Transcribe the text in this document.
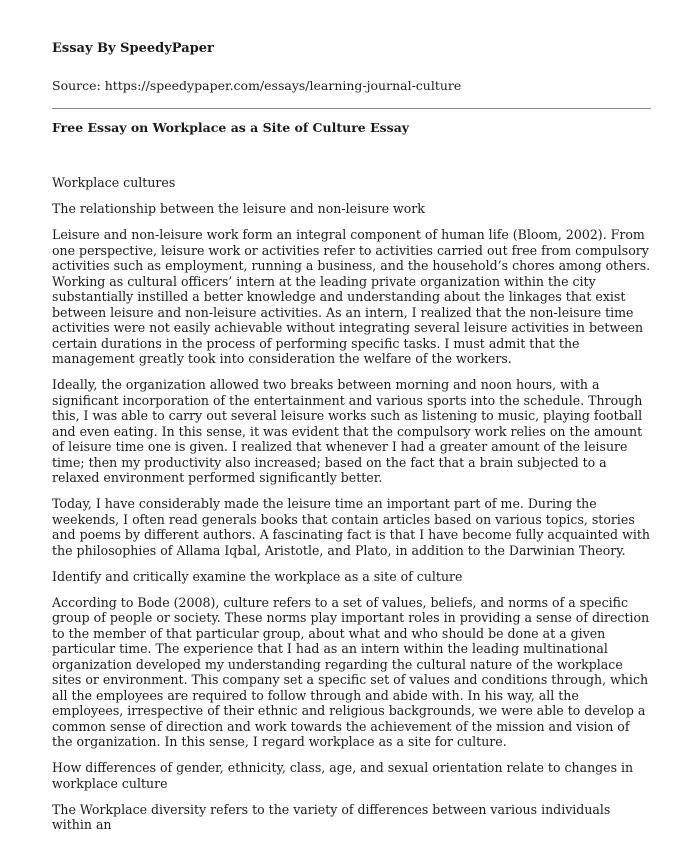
Essay By SpeedyPaper

Source: https://speedypaper.com/essays/learning-journal-culture

Free Essay on Workplace as a Site of Culture Essay

Workplace cultures

The relationship between the leisure and non-leisure work

Leisure and non-leisure work form an integral component of human life (Bloom, 2002). From one perspective, leisure work or activities refer to activities carried out free from compulsory activities such as employment, running a business, and the household’s chores among others. Working as cultural officers’ intern at the leading private organization within the city substantially instilled a better knowledge and understanding about the linkages that exist between leisure and non-leisure activities. As an intern, I realized that the non-leisure time activities were not easily achievable without integrating several leisure activities in between certain durations in the process of performing specific tasks. I must admit that the management greatly took into consideration the welfare of the workers.

Ideally, the organization allowed two breaks between morning and noon hours, with a significant incorporation of the entertainment and various sports into the schedule. Through this, I was able to carry out several leisure works such as listening to music, playing football and even eating. In this sense, it was evident that the compulsory work relies on the amount of leisure time one is given. I realized that whenever I had a greater amount of the leisure time; then my productivity also increased; based on the fact that a brain subjected to a relaxed environment performed significantly better.

Today, I have considerably made the leisure time an important part of me. During the weekends, I often read generals books that contain articles based on various topics, stories and poems by different authors. A fascinating fact is that I have become fully acquainted with the philosophies of Allama Iqbal, Aristotle, and Plato, in addition to the Darwinian Theory.

Identify and critically examine the workplace as a site of culture

According to Bode (2008), culture refers to a set of values, beliefs, and norms of a specific group of people or society. These norms play important roles in providing a sense of direction to the member of that particular group, about what and who should be done at a given particular time. The experience that I had as an intern within the leading multinational organization developed my understanding regarding the cultural nature of the workplace sites or environment. This company set a specific set of values and conditions through, which all the employees are required to follow through and abide with. In his way, all the employees, irrespective of their ethnic and religious backgrounds, we were able to develop a common sense of direction and work towards the achievement of the mission and vision of the organization. In this sense, I regard workplace as a site for culture.

How differences of gender, ethnicity, class, age, and sexual orientation relate to changes in workplace culture

The Workplace diversity refers to the variety of differences between various individuals within an
